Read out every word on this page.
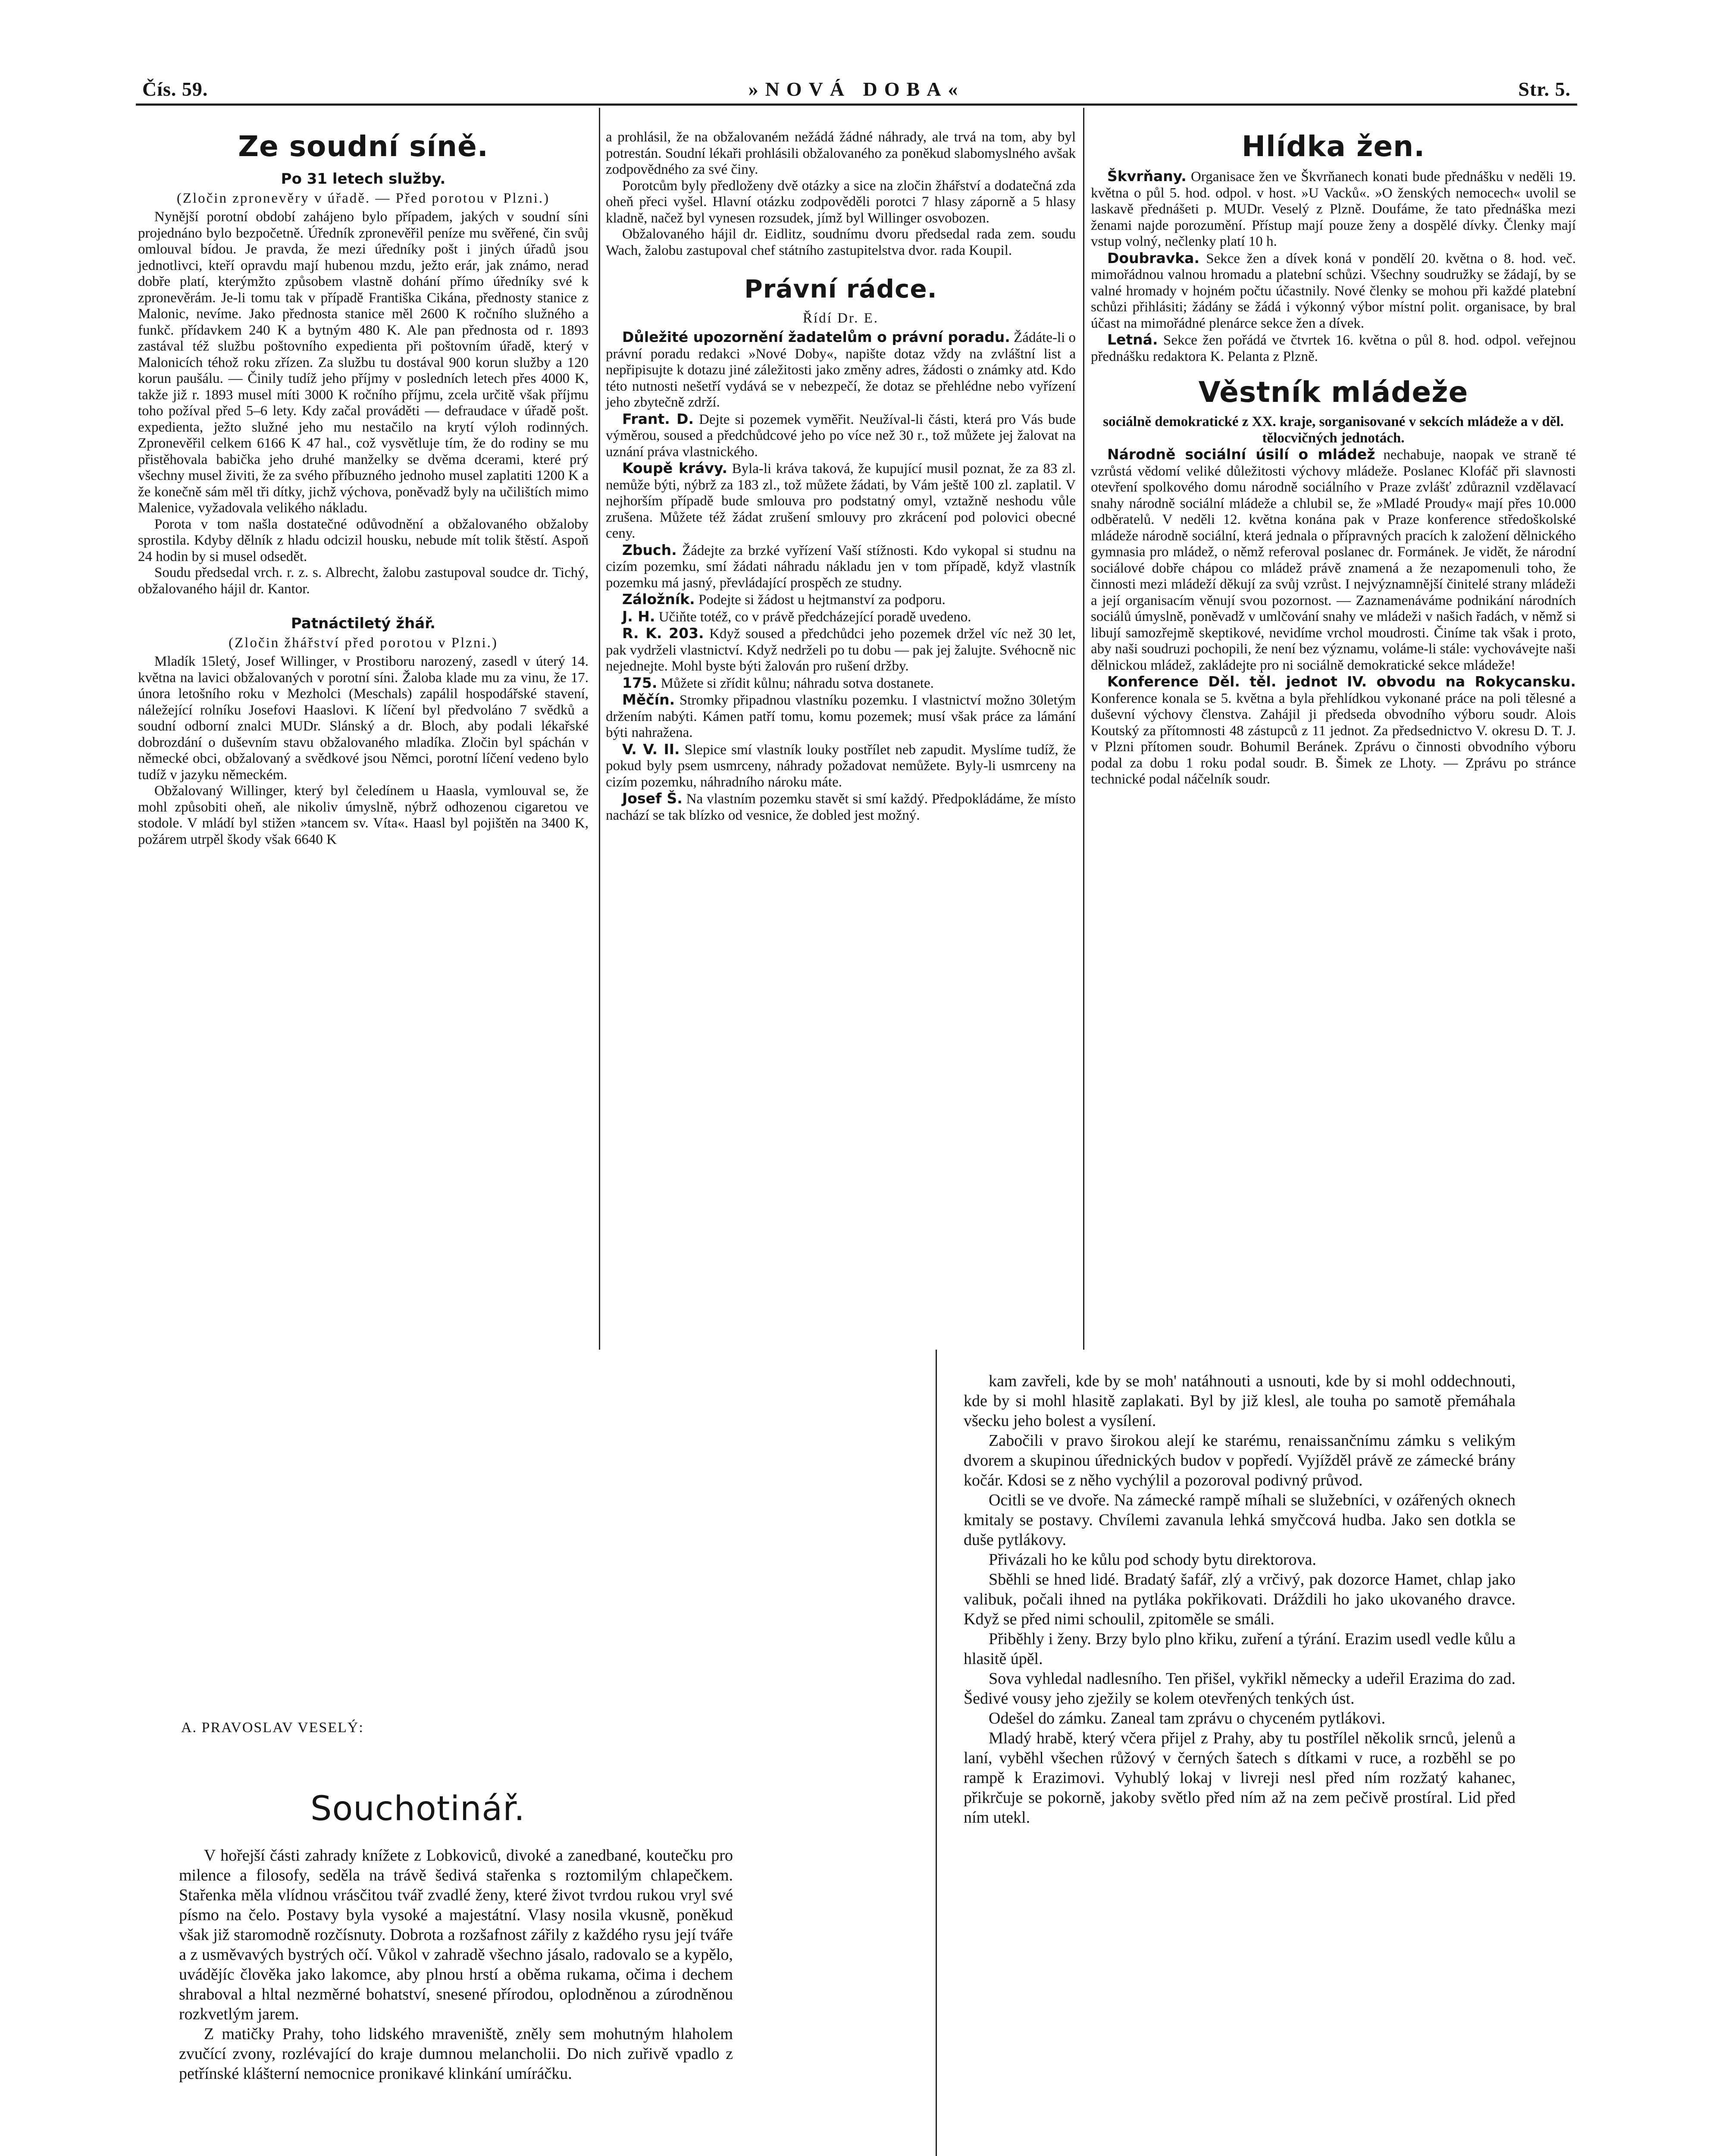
Čís. 59.	»NOVÁ DOBA«	Str. 5.
Ze soudní síně.
Po 31 letech služby.
(Zločin zpronevěry v úřadě. — Před porotou v Plzni.)

Nynější porotní období zahájeno bylo případem, jakých v soudní síni projednáno bylo bezpočetně. Úředník zpronevěřil peníze mu svěřené, čin svůj omlouval bídou. Je pravda, že mezi úředníky pošt i jiných úřadů jsou jednotlivci, kteří opravdu mají hubenou mzdu, ježto erár, jak známo, nerad dobře platí, kterýmžto způsobem vlastně dohání přímo úředníky své k zpronevěrám. Je-li tomu tak v případě Františka Cikána, přednosty stanice z Malonic, nevíme. Jako přednosta stanice měl 2600 K ročního služného a funkč. přídavkem 240 K a bytným 480 K. Ale pan přednosta od r. 1893 zastával též službu poštovního expedienta při poštovním úřadě, který v Malonicích téhož roku zřízen. Za službu tu dostával 900 korun služby a 120 korun paušálu. — Činily tudíž jeho příjmy v posledních letech přes 4000 K, takže již r. 1893 musel míti 3000 K ročního příjmu, zcela určitě však příjmu toho požíval před 5–6 lety. Kdy začal prováděti — defraudace v úřadě pošt. expedienta, ježto služné jeho mu nestačilo na krytí výloh rodinných. Zpronevěřil celkem 6166 K 47 hal., což vysvětluje tím, že do rodiny se mu přistěhovala babička jeho druhé manželky se dvěma dcerami, které prý všechny musel živiti, že za svého příbuzného jednoho musel zaplatiti 1200 K a že konečně sám měl tři dítky, jichž výchova, poněvadž byly na učilištích mimo Malenice, vyžadovala velikého nákladu.

Porota v tom našla dostatečné odůvodnění a obžalovaného obžaloby sprostila. Kdyby dělník z hladu odcizil housku, nebude mít tolik štěstí. Aspoň 24 hodin by si musel odsedět.

Soudu předsedal vrch. r. z. s. Albrecht, žalobu zastupoval soudce dr. Tichý, obžalovaného hájil dr. Kantor.

Patnáctiletý žhář.
(Zločin žhářství před porotou v Plzni.)

Mladík 15letý, Josef Willinger, v Prostiboru narozený, zasedl v úterý 14. května na lavici obžalovaných v porotní síni. Žaloba klade mu za vinu, že 17. února letošního roku v Mezholci (Meschals) zapálil hospodářské stavení, náležející rolníku Josefovi Haaslovi. K líčení byl předvoláno 7 svědků a soudní odborní znalci MUDr. Slánský a dr. Bloch, aby podali lékařské dobrozdání o duševním stavu obžalovaného mladíka. Zločin byl spáchán v německé obci, obžalovaný a svědkové jsou Němci, porotní líčení vedeno bylo tudíž v jazyku německém.

Obžalovaný Willinger, který byl čeledínem u Haasla, vymlouval se, že mohl způsobiti oheň, ale nikoliv úmyslně, nýbrž odhozenou cigaretou ve stodole. V mládí byl stižen »tancem sv. Víta«. Haasl byl pojištěn na 3400 K, požárem utrpěl škody však 6640 K

a prohlásil, že na obžalovaném nežádá žádné náhrady, ale trvá na tom, aby byl potrestán. Soudní lékaři prohlásili obžalovaného za poněkud slabomyslného avšak zodpovědného za své činy.

Porotcům byly předloženy dvě otázky a sice na zločin žhářství a dodatečná zda oheň přeci vyšel. Hlavní otázku zodpověděli porotci 7 hlasy záporně a 5 hlasy kladně, načež byl vynesen rozsudek, jímž byl Willinger osvobozen.

Obžalovaného hájil dr. Eidlitz, soudnímu dvoru předsedal rada zem. soudu Wach, žalobu zastupoval chef státního zastupitelstva dvor. rada Koupil.

Právní rádce.
Řídí Dr. E.

Důležité upozornění žadatelům o právní poradu. Žádáte-li o právní poradu redakci »Nové Doby«, napište dotaz vždy na zvláštní list a nepřipisujte k dotazu jiné záležitosti jako změny adres, žádosti o známky atd. Kdo této nutnosti nešetří vydává se v nebezpečí, že dotaz se přehlédne nebo vyřízení jeho zbytečně zdrží.

Frant. D. Dejte si pozemek vyměřit. Neužíval-li části, která pro Vás bude výměrou, soused a předchůdcové jeho po více než 30 r., tož můžete jej žalovat na uznání práva vlastnického.

Koupě krávy. Byla-li kráva taková, že kupující musil poznat, že za 83 zl. nemůže býti, nýbrž za 183 zl., tož můžete žádati, by Vám ještě 100 zl. zaplatil. V nejhorším případě bude smlouva pro podstatný omyl, vztažně neshodu vůle zrušena. Můžete též žádat zrušení smlouvy pro zkrácení pod polovici obecné ceny.

Zbuch. Žádejte za brzké vyřízení Vaší stížnosti. Kdo vykopal si studnu na cizím pozemku, smí žádati náhradu nákladu jen v tom případě, když vlastník pozemku má jasný, převládající prospěch ze studny.

Záložník. Podejte si žádost u hejtmanství za podporu.

J. H. Učiňte totéž, co v právě předcházející poradě uvedeno.

R. K. 203. Když soused a předchůdci jeho pozemek držel víc než 30 let, pak vydrželi vlastnictví. Když nedrželi po tu dobu — pak jej žalujte. Svéhocně nic nejednejte. Mohl byste býti žalován pro rušení držby.

175. Můžete si zřídit kůlnu; náhradu sotva dostanete.

Měčín. Stromky připadnou vlastníku pozemku. I vlastnictví možno 30letým držením nabýti. Kámen patří tomu, komu pozemek; musí však práce za lámání býti nahražena.

V. V. II. Slepice smí vlastník louky postřílet neb zapudit. Myslíme tudíž, že pokud byly psem usmrceny, náhrady požadovat nemůžete. Byly-li usmrceny na cizím pozemku, náhradního nároku máte.

Josef Š. Na vlastním pozemku stavět si smí každý. Předpokládáme, že místo nachází se tak blízko od vesnice, že dobled jest možný.

Hlídka žen.

Škvrňany. Organisace žen ve Škvrňanech konati bude přednášku v neděli 19. května o půl 5. hod. odpol. v host. »U Vacků«. »O ženských nemocech« uvolil se laskavě přednášeti p. MUDr. Veselý z Plzně. Doufáme, že tato přednáška mezi ženami najde porozumění. Přístup mají pouze ženy a dospělé dívky. Členky mají vstup volný, nečlenky platí 10 h.

Doubravka. Sekce žen a dívek koná v pondělí 20. května o 8. hod. več. mimořádnou valnou hromadu a platební schůzi. Všechny soudružky se žádají, by se valné hromady v hojném počtu účastnily. Nové členky se mohou při každé platební schůzi přihlásiti; žádány se žádá i výkonný výbor místní polit. organisace, by bral účast na mimořádné plenárce sekce žen a dívek.

Letná. Sekce žen pořádá ve čtvrtek 16. května o půl 8. hod. odpol. veřejnou přednášku redaktora K. Pelanta z Plzně.

Věstník mládeže

sociálně demokratické z XX. kraje, sorganisované v sekcích mládeže a v děl. tělocvičných jednotách.

Národně sociální úsilí o mládež nechabuje, naopak ve straně té vzrůstá vědomí veliké důležitosti výchovy mládeže. Poslanec Klofáč při slavnosti otevření spolkového domu národně sociálního v Praze zvlášť zdůraznil vzdělavací snahy národně sociální mládeže a chlubil se, že »Mladé Proudy« mají přes 10.000 odběratelů. V neděli 12. května konána pak v Praze konference středoškolské mládeže národně sociální, která jednala o přípravných pracích k založení dělnického gymnasia pro mládež, o němž referoval poslanec dr. Formánek. Je vidět, že národní sociálové dobře chápou co mládež právě znamená a že nezapomenuli toho, že činnosti mezi mládeží děkují za svůj vzrůst. I nejvýznamnější činitelé strany mládeži a její organisacím věnují svou pozornost. — Zaznamenáváme podnikání národních sociálů úmyslně, poněvadž v umlčování snahy ve mládeži v našich řadách, v němž si libují samozřejmě skeptikové, nevidíme vrchol moudrosti. Činíme tak však i proto, aby naši soudruzi pochopili, že není bez významu, voláme-li stále: vychovávejte naši dělnickou mládež, zakládejte pro ni sociálně demokratické sekce mládeže!

Konference Děl. těl. jednot IV. obvodu na Rokycansku. Konference konala se 5. května a byla přehlídkou vykonané práce na poli tělesné a duševní výchovy členstva. Zahájil ji předseda obvodního výboru soudr. Alois Koutský za přítomnosti 48 zástupců z 11 jednot. Za předsednictvo V. okresu D. T. J. v Plzni přítomen soudr. Bohumil Beránek. Zprávu o činnosti obvodního výboru podal za dobu 1 roku podal soudr. B. Šimek ze Lhoty. — Zprávu po stránce technické podal náčelník soudr.

A. PRAVOSLAV VESELÝ:
Souchotinář.

V hořejší části zahrady knížete z Lobkoviců, divoké a zanedbané, koutečku pro milence a filosofy, seděla na trávě šedivá stařenka s roztomilým chlapečkem. Stařenka měla vlídnou vrásčitou tvář zvadlé ženy, které život tvrdou rukou vryl své písmo na čelo. Postavy byla vysoké a majestátní. Vlasy nosila vkusně, poněkud však již staromodně rozčísnuty. Dobrota a rozšafnost zářily z každého rysu její tváře a z usměvavých bystrých očí. Vůkol v zahradě všechno jásalo, radovalo se a kypělo, uvádějíc člověka jako lakomce, aby plnou hrstí a oběma rukama, očima i dechem shraboval a hltal nezměrné bohatství, snesené přírodou, oplodněnou a zúrodněnou rozkvetlým jarem.

Z matičky Prahy, toho lidského mraveniště, zněly sem mohutným hlaholem zvučící zvony, rozlévající do kraje dumnou melancholii. Do nich zuřivě vpadlo z petřínské klášterní nemocnice pronikavé klinkání umíráčku.

kam zavřeli, kde by se moh' natáhnouti a usnouti, kde by si mohl oddechnouti, kde by si mohl hlasitě zaplakati. Byl by již klesl, ale touha po samotě přemáhala všecku jeho bolest a vysílení.

Zabočili v pravo širokou alejí ke starému, renaissančnímu zámku s velikým dvorem a skupinou úřednických budov v popředí. Vyjížděl právě ze zámecké brány kočár. Kdosi se z něho vychýlil a pozoroval podivný průvod.

Ocitli se ve dvoře. Na zámecké rampě míhali se služebníci, v ozářených oknech kmitaly se postavy. Chvílemi zavanula lehká smyčcová hudba. Jako sen dotkla se duše pytlákovy.

Přivázali ho ke kůlu pod schody bytu direktorova.

Sběhli se hned lidé. Bradatý šafář, zlý a vrčivý, pak dozorce Hamet, chlap jako valibuk, počali ihned na pytláka pokřikovati. Dráždili ho jako ukovaného dravce. Když se před nimi schoulil, zpitoměle se smáli.

Přiběhly i ženy. Brzy bylo plno křiku, zuření a týrání. Erazim usedl vedle kůlu a hlasitě úpěl.

Sova vyhledal nadlesního. Ten přišel, vykřikl německy a udeřil Erazima do zad. Šedivé vousy jeho zježily se kolem otevřených tenkých úst.

Odešel do zámku. Zaneal tam zprávu o chyceném pytlákovi.

Mladý hrabě, který včera přijel z Prahy, aby tu postřílel několik srnců, jelenů a laní, vyběhl všechen růžový v černých šatech s dítkami v ruce, a rozběhl se po rampě k Erazimovi. Vyhublý lokaj v livreji nesl před ním rozžatý kahanec, přikrčuje se pokorně, jakoby světlo před ním až na zem pečivě prostíral. Lid před ním utekl.
